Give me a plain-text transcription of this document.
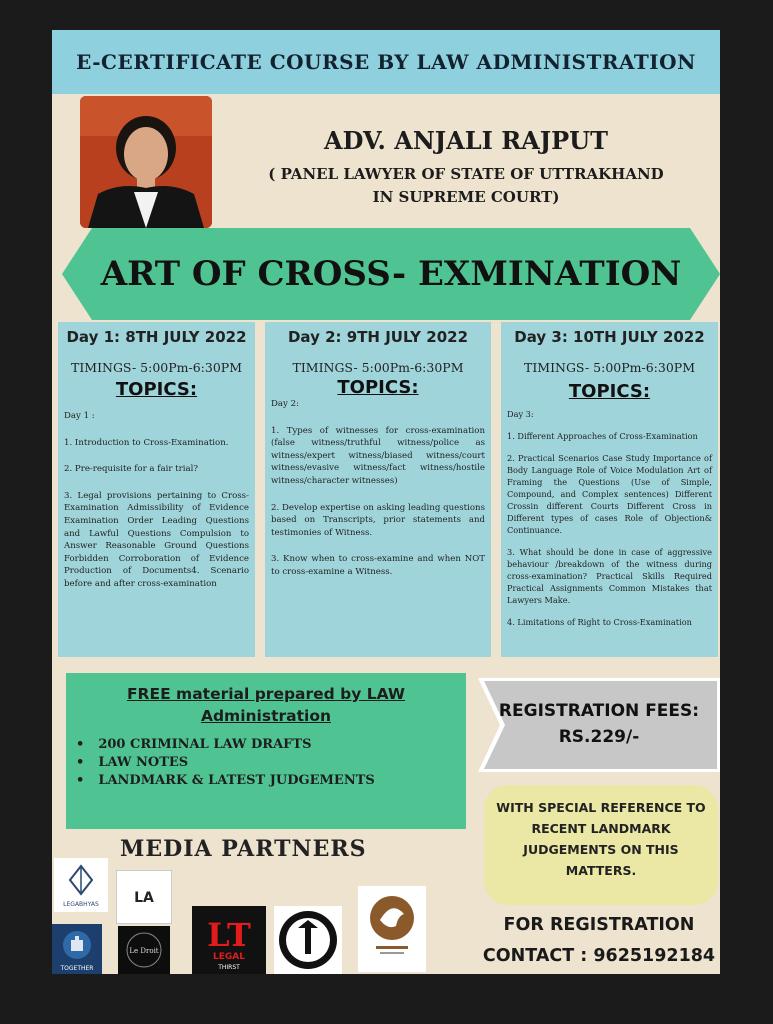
E-CERTIFICATE COURSE BY LAW ADMINISTRATION
ADV. ANJALI RAJPUT
( PANEL LAWYER OF STATE OF UTTRAKHAND
IN SUPREME COURT)
ART OF CROSS- EXMINATION
Day 1: 8TH JULY 2022
TIMINGS- 5:00Pm-6:30PM
TOPICS:

Day 1 :

1. Introduction to Cross-Examination.

2. Pre-requisite for a fair trial?

3. Legal provisions pertaining to Cross-Examination Admissibility of Evidence Examination Order Leading Questions and Lawful Questions Compulsion to Answer Reasonable Ground Questions Forbidden Corroboration of Evidence Production of Documents4. Scenario before and after cross-examination

Day 2: 9TH JULY 2022
TIMINGS- 5:00Pm-6:30PM
TOPICS:

Day 2:

1. Types of witnesses for cross-examination (false witness/truthful witness/police as witness/expert witness/biased witness/court witness/evasive witness/fact witness/hostile witness/character witnesses)

2. Develop expertise on asking leading questions based on Transcripts, prior statements and testimonies of Witness.

3. Know when to cross-examine and when NOT to cross-examine a Witness.

Day 3: 10TH JULY 2022
TIMINGS- 5:00Pm-6:30PM
TOPICS:

Day 3:

1. Different Approaches of Cross-Examination

2. Practical Scenarios Case Study Importance of Body Language Role of Voice Modulation Art of Framing the Questions (Use of Simple, Compound, and Complex sentences) Different Crossin different Courts Different Cross in Different types of cases Role of Objection& Continuance.

3. What should be done in case of aggressive behaviour /breakdown of the witness during cross-examination? Practical Skills Required Practical Assignments Common Mistakes that Lawyers Make.

4. Limitations of Right to Cross-Examination

FREE material prepared by LAW
Administration
• 200 CRIMINAL LAW DRAFTS
• LAW NOTES
• LANDMARK & LATEST JUDGEMENTS
REGISTRATION FEES:
RS.229/-
WITH SPECIAL REFERENCE TO
RECENT LANDMARK
JUDGEMENTS ON THIS
MATTERS.
MEDIA PARTNERS
LEGABHYAS	LA
TOGETHER
Le Droit LT
LEGAL
THIRST
FOR REGISTRATION
CONTACT : 9625192184
